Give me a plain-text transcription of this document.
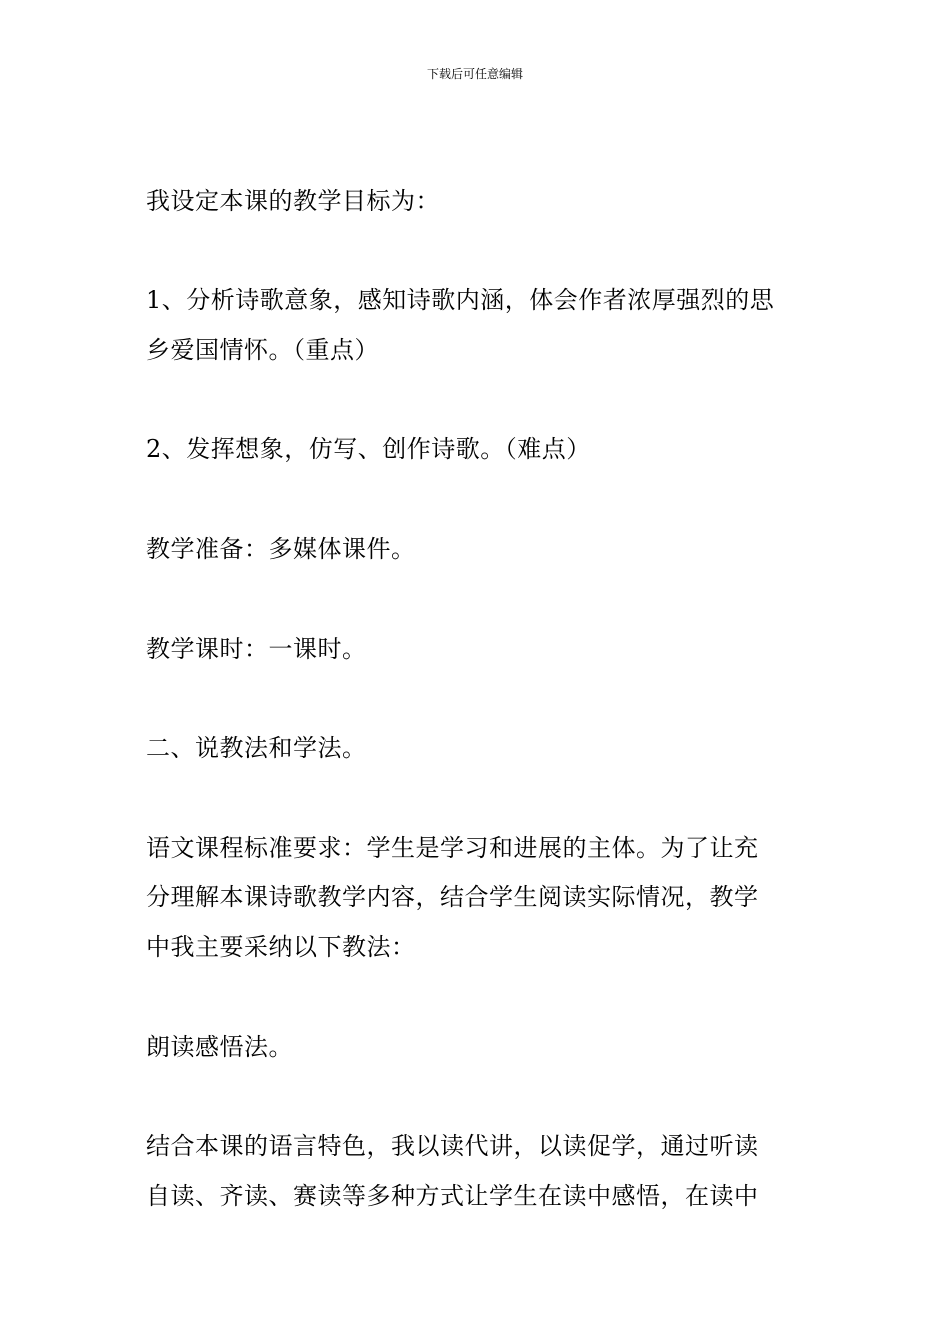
下载后可任意编辑
我设定本课的教学目标为：
1、分析诗歌意象，感知诗歌内涵，体会作者浓厚强烈的思
乡爱国情怀。（重点）
2、发挥想象，仿写、创作诗歌。（难点）
教学准备：多媒体课件。
教学课时：一课时。
二、说教法和学法。
语文课程标准要求：学生是学习和进展的主体。为了让充
分理解本课诗歌教学内容，结合学生阅读实际情况，教学
中我主要采纳以下教法：
朗读感悟法。
结合本课的语言特色，我以读代讲，以读促学，通过听读
自读、齐读、赛读等多种方式让学生在读中感悟，在读中
